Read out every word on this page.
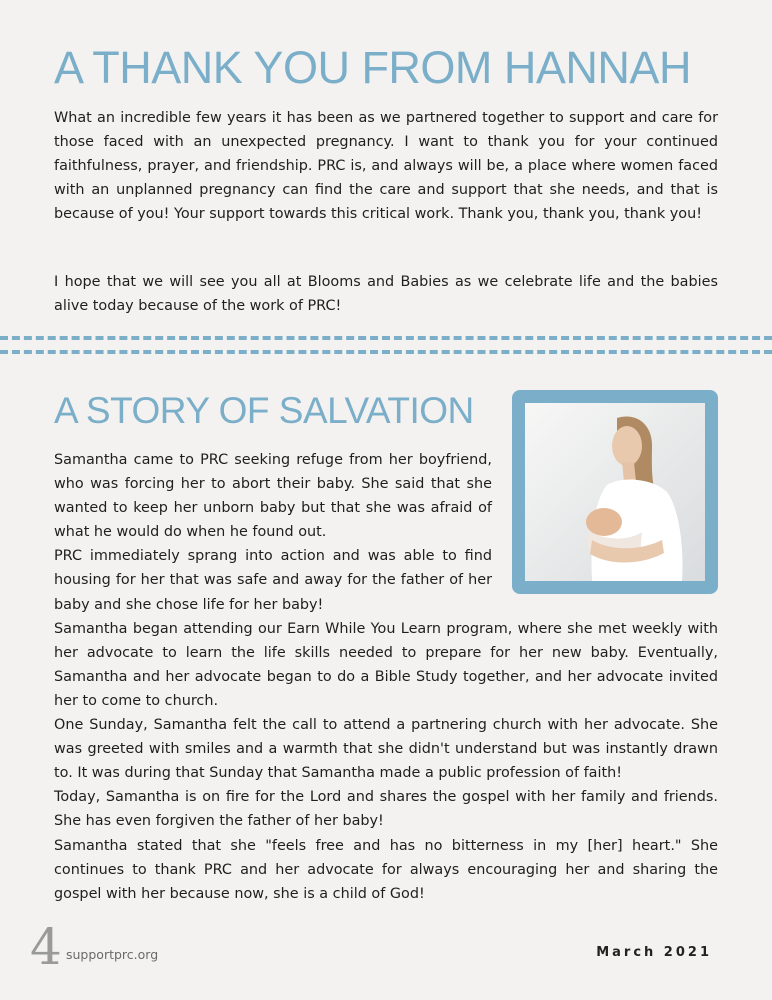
A THANK YOU FROM HANNAH

What an incredible few years it has been as we partnered together to support and care for those faced with an unexpected pregnancy. I want to thank you for your continued faithfulness, prayer, and friendship. PRC is, and always will be, a place where women faced with an unplanned pregnancy can find the care and support that she needs, and that is because of you! Your support towards this critical work. Thank you, thank you, thank you!

I hope that we will see you all at Blooms and Babies as we celebrate life and the babies alive today because of the work of PRC!

A STORY OF SALVATION

Samantha came to PRC seeking refuge from her boyfriend, who was forcing her to abort their baby. She said that she wanted to keep her unborn baby but that she was afraid of what he would do when he found out.

PRC immediately sprang into action and was able to find housing for her that was safe and away for the father of her baby and she chose life for her baby!

Samantha began attending our Earn While You Learn program, where she met weekly with her advocate to learn the life skills needed to prepare for her new baby. Eventually, Samantha and her advocate began to do a Bible Study together, and her advocate invited her to come to church.

One Sunday, Samantha felt the call to attend a partnering church with her advocate. She was greeted with smiles and a warmth that she didn't understand but was instantly drawn to. It was during that Sunday that Samantha made a public profession of faith!

Today, Samantha is on fire for the Lord and shares the gospel with her family and friends. She has even forgiven the father of her baby!

Samantha stated that she "feels free and has no bitterness in my [her] heart." She continues to thank PRC and her advocate for always encouraging her and sharing the gospel with her because now, she is a child of God!

4 supportprc.org	March 2021
